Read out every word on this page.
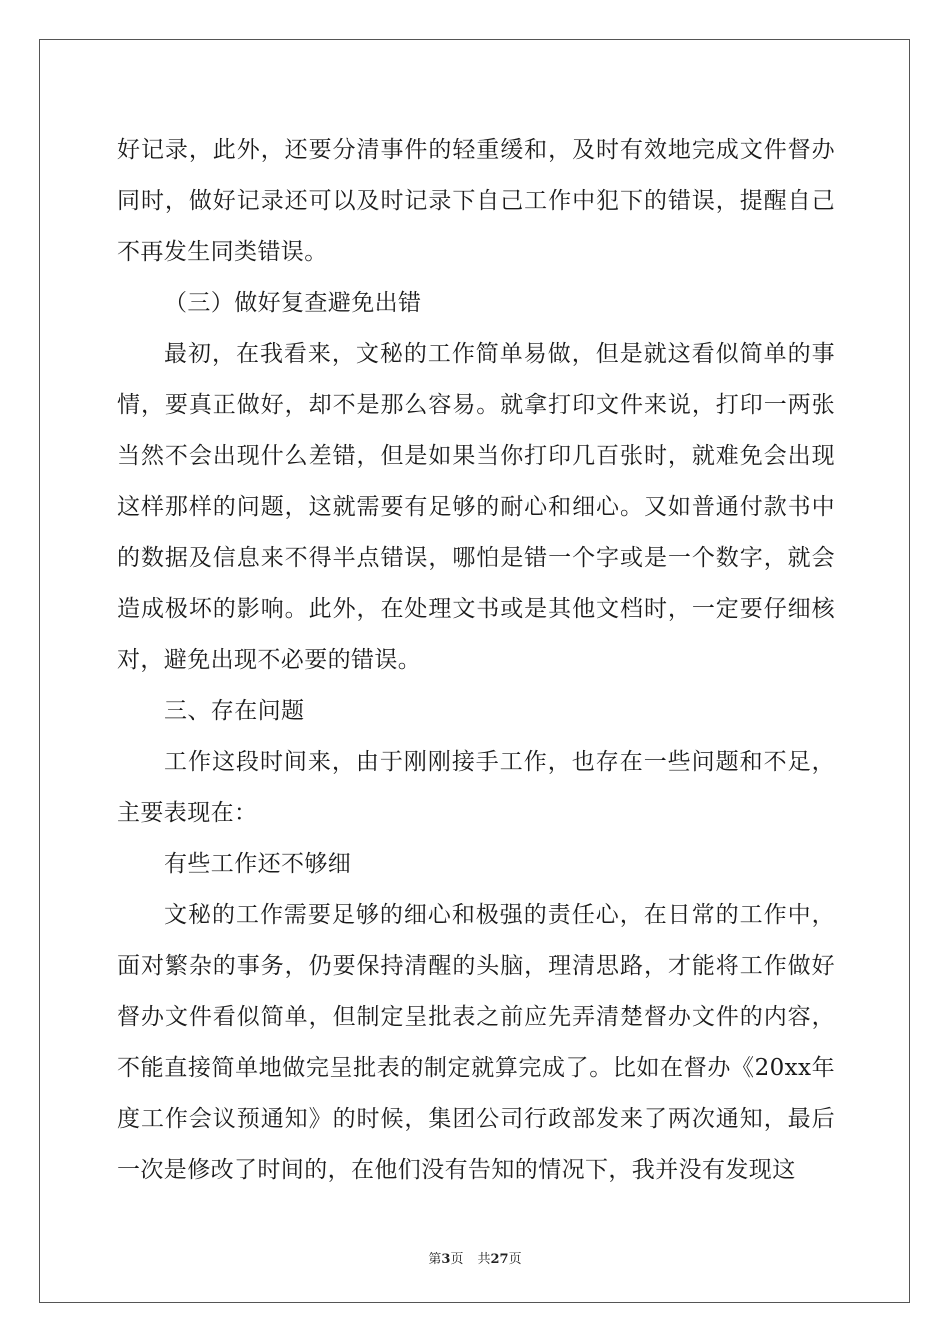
好记录，此外，还要分清事件的轻重缓和，及时有效地完成文件督办同时，做好记录还可以及时记录下自己工作中犯下的错误，提醒自己不再发生同类错误。

（三）做好复查避免出错

最初，在我看来，文秘的工作简单易做，但是就这看似简单的事情，要真正做好，却不是那么容易。就拿打印文件来说，打印一两张当然不会出现什么差错，但是如果当你打印几百张时，就难免会出现这样那样的问题，这就需要有足够的耐心和细心。又如普通付款书中的数据及信息来不得半点错误，哪怕是错一个字或是一个数字，就会造成极坏的影响。此外，在处理文书或是其他文档时，一定要仔细核对，避免出现不必要的错误。

三、存在问题

工作这段时间来，由于刚刚接手工作，也存在一些问题和不足，主要表现在：

有些工作还不够细

文秘的工作需要足够的细心和极强的责任心，在日常的工作中，面对繁杂的事务，仍要保持清醒的头脑，理清思路，才能将工作做好督办文件看似简单，但制定呈批表之前应先弄清楚督办文件的内容，不能直接简单地做完呈批表的制定就算完成了。比如在督办《20xx年度工作会议预通知》的时候，集团公司行政部发来了两次通知，最后一次是修改了时间的，在他们没有告知的情况下，我并没有发现这

第3页 共27页
